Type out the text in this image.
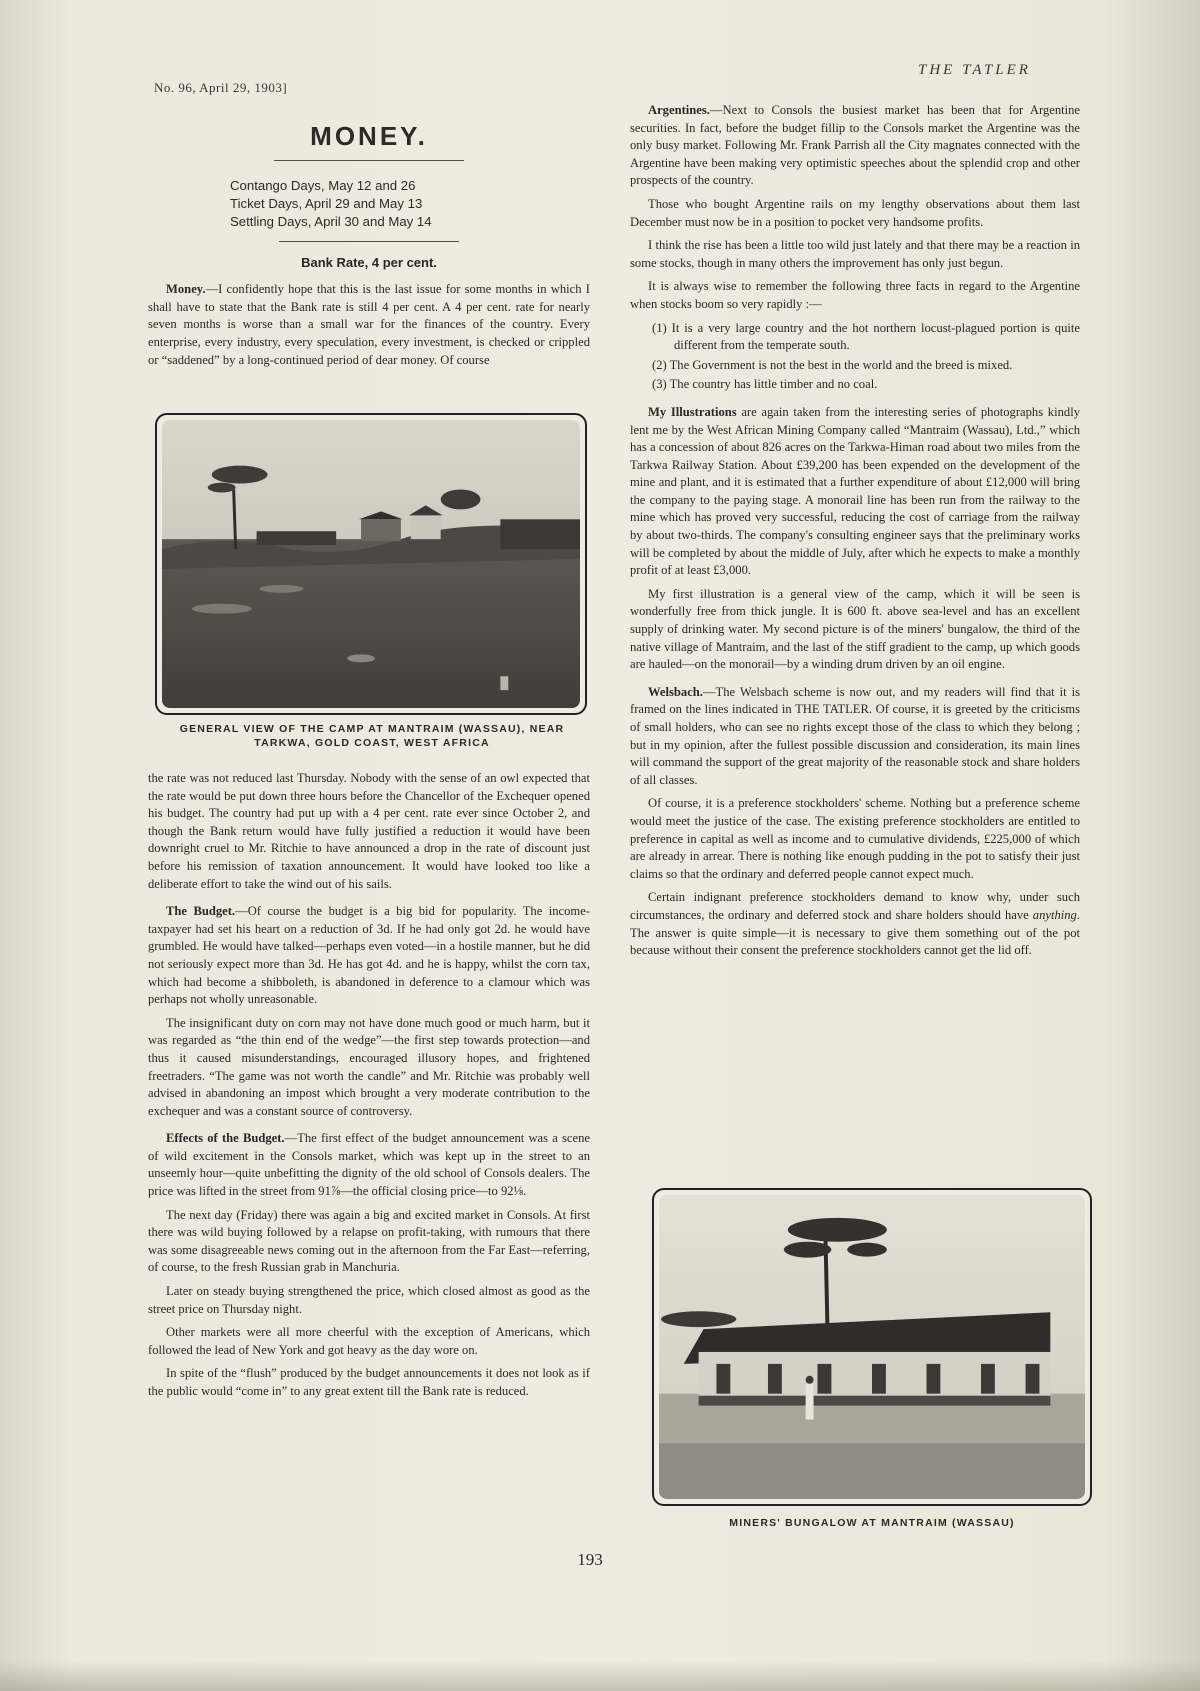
No. 96, April 29, 1903]
THE TATLER
MONEY.
Contango Days, May 12 and 26
Ticket Days, April 29 and May 13
Settling Days, April 30 and May 14
Bank Rate, 4 per cent.

Money.—I confidently hope that this is the last issue for some months in which I shall have to state that the Bank rate is still 4 per cent. A 4 per cent. rate for nearly seven months is worse than a small war for the finances of the country. Every enterprise, every industry, every speculation, every investment, is checked or crippled or “saddened” by a long-continued period of dear money. Of course

GENERAL VIEW OF THE CAMP AT MANTRAIM (WASSAU), NEAR TARKWA, GOLD COAST, WEST AFRICA

the rate was not reduced last Thursday. Nobody with the sense of an owl expected that the rate would be put down three hours before the Chancellor of the Exchequer opened his budget. The country had put up with a 4 per cent. rate ever since October 2, and though the Bank return would have fully justified a reduction it would have been downright cruel to Mr. Ritchie to have announced a drop in the rate of discount just before his remission of taxation announcement. It would have looked too like a deliberate effort to take the wind out of his sails.

The Budget.—Of course the budget is a big bid for popularity. The income-taxpayer had set his heart on a reduction of 3d. If he had only got 2d. he would have grumbled. He would have talked—perhaps even voted—in a hostile manner, but he did not seriously expect more than 3d. He has got 4d. and he is happy, whilst the corn tax, which had become a shibboleth, is abandoned in deference to a clamour which was perhaps not wholly unreasonable.

The insignificant duty on corn may not have done much good or much harm, but it was regarded as “the thin end of the wedge”—the first step towards protection—and thus it caused misunderstandings, encouraged illusory hopes, and frightened freetraders. “The game was not worth the candle” and Mr. Ritchie was probably well advised in abandoning an impost which brought a very moderate contribution to the exchequer and was a constant source of controversy.

Effects of the Budget.—The first effect of the budget announcement was a scene of wild excitement in the Consols market, which was kept up in the street to an unseemly hour—quite unbefitting the dignity of the old school of Consols dealers. The price was lifted in the street from 91⅞—the official closing price—to 92⅛.

The next day (Friday) there was again a big and excited market in Consols. At first there was wild buying followed by a relapse on profit-taking, with rumours that there was some disagreeable news coming out in the afternoon from the Far East—referring, of course, to the fresh Russian grab in Manchuria.

Later on steady buying strengthened the price, which closed almost as good as the street price on Thursday night.

Other markets were all more cheerful with the exception of Americans, which followed the lead of New York and got heavy as the day wore on.

In spite of the “flush” produced by the budget announcements it does not look as if the public would “come in” to any great extent till the Bank rate is reduced.

Argentines.—Next to Consols the busiest market has been that for Argentine securities. In fact, before the budget fillip to the Consols market the Argentine was the only busy market. Following Mr. Frank Parrish all the City magnates connected with the Argentine have been making very optimistic speeches about the splendid crop and other prospects of the country.

Those who bought Argentine rails on my lengthy observations about them last December must now be in a position to pocket very handsome profits.

I think the rise has been a little too wild just lately and that there may be a reaction in some stocks, though in many others the improvement has only just begun.

It is always wise to remember the following three facts in regard to the Argentine when stocks boom so very rapidly :—

(1) It is a very large country and the hot northern locust-plagued portion is quite different from the temperate south.
(2) The Government is not the best in the world and the breed is mixed.
(3) The country has little timber and no coal.

My Illustrations are again taken from the interesting series of photographs kindly lent me by the West African Mining Company called “Mantraim (Wassau), Ltd.,” which has a concession of about 826 acres on the Tarkwa-Himan road about two miles from the Tarkwa Railway Station. About £39,200 has been expended on the development of the mine and plant, and it is estimated that a further expenditure of about £12,000 will bring the company to the paying stage. A monorail line has been run from the railway to the mine which has proved very successful, reducing the cost of carriage from the railway by about two-thirds. The company's consulting engineer says that the preliminary works will be completed by about the middle of July, after which he expects to make a monthly profit of at least £3,000.

My first illustration is a general view of the camp, which it will be seen is wonderfully free from thick jungle. It is 600 ft. above sea-level and has an excellent supply of drinking water. My second picture is of the miners' bungalow, the third of the native village of Mantraim, and the last of the stiff gradient to the camp, up which goods are hauled—on the monorail—by a winding drum driven by an oil engine.

Welsbach.—The Welsbach scheme is now out, and my readers will find that it is framed on the lines indicated in THE TATLER. Of course, it is greeted by the criticisms of small holders, who can see no rights except those of the class to which they belong ; but in my opinion, after the fullest possible discussion and consideration, its main lines will command the support of the great majority of the reasonable stock and share holders of all classes.

Of course, it is a preference stockholders' scheme. Nothing but a preference scheme would meet the justice of the case. The existing preference stockholders are entitled to preference in capital as well as income and to cumulative dividends, £225,000 of which are already in arrear. There is nothing like enough pudding in the pot to satisfy their just claims so that the ordinary and deferred people cannot expect much.

Certain indignant preference stockholders demand to know why, under such circumstances, the ordinary and deferred stock and share holders should have anything. The answer is quite simple—it is necessary to give them something out of the pot because without their consent the preference stockholders cannot get the lid off.

MINERS' BUNGALOW AT MANTRAIM (WASSAU)
193
